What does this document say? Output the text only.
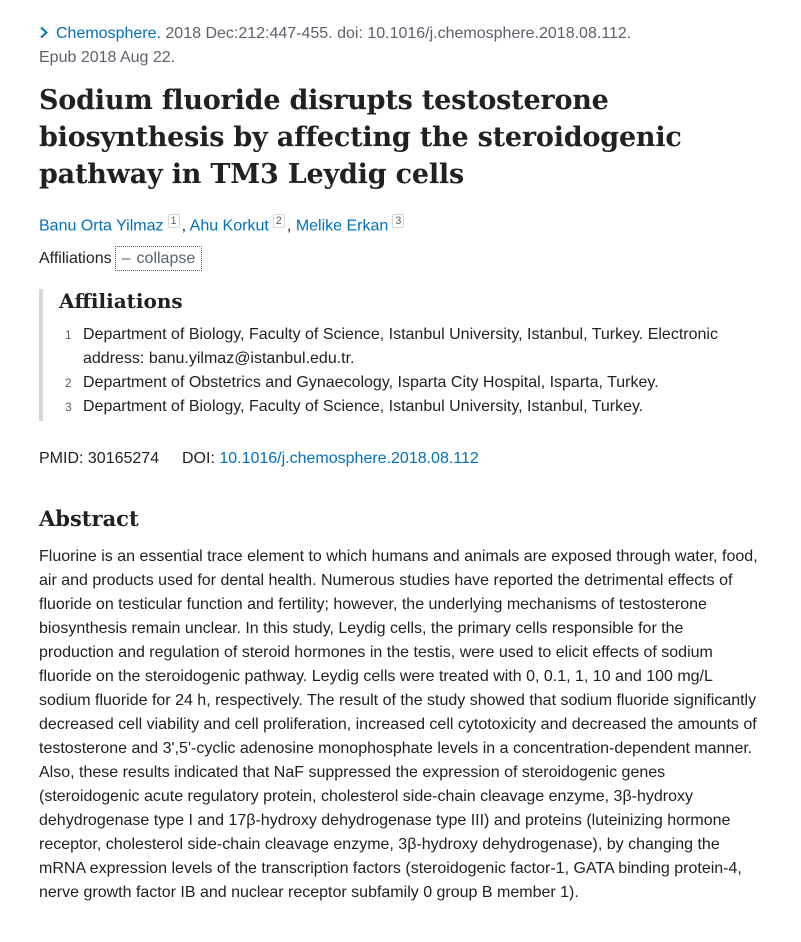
Chemosphere. 2018 Dec:212:447-455. doi: 10.1016/j.chemosphere.2018.08.112.
Epub 2018 Aug 22.
Sodium fluoride disrupts testosterone biosynthesis by affecting the steroidogenic pathway in TM3 Leydig cells
Banu Orta Yilmaz $^1$ , Ahu Korkut $^2$ , Melike Erkan $^3$
Affiliations – collapse
Affiliations
1 Department of Biology, Faculty of Science, Istanbul University, Istanbul, Turkey. Electronic address: banu.yilmaz@istanbul.edu.tr.
2 Department of Obstetrics and Gynaecology, Isparta City Hospital, Isparta, Turkey.
3 Department of Biology, Faculty of Science, Istanbul University, Istanbul, Turkey.
PMID: 30165274 DOI: 10.1016/j.chemosphere.2018.08.112
Abstract

Fluorine is an essential trace element to which humans and animals are exposed through water, food, air and products used for dental health. Numerous studies have reported the detrimental effects of fluoride on testicular function and fertility; however, the underlying mechanisms of testosterone biosynthesis remain unclear. In this study, Leydig cells, the primary cells responsible for the production and regulation of steroid hormones in the testis, were used to elicit effects of sodium fluoride on the steroidogenic pathway. Leydig cells were treated with 0, 0.1, 1, 10 and 100 mg/L sodium fluoride for 24 h, respectively. The result of the study showed that sodium fluoride significantly decreased cell viability and cell proliferation, increased cell cytotoxicity and decreased the amounts of testosterone and 3',5'-cyclic adenosine monophosphate levels in a concentration-dependent manner. Also, these results indicated that NaF suppressed the expression of steroidogenic genes (steroidogenic acute regulatory protein, cholesterol side-chain cleavage enzyme, 3β-hydroxy dehydrogenase type I and 17β-hydroxy dehydrogenase type III) and proteins (luteinizing hormone receptor, cholesterol side-chain cleavage enzyme, 3β-hydroxy dehydrogenase), by changing the mRNA expression levels of the transcription factors (steroidogenic factor-1, GATA binding protein-4, nerve growth factor IB and nuclear receptor subfamily 0 group B member 1).
